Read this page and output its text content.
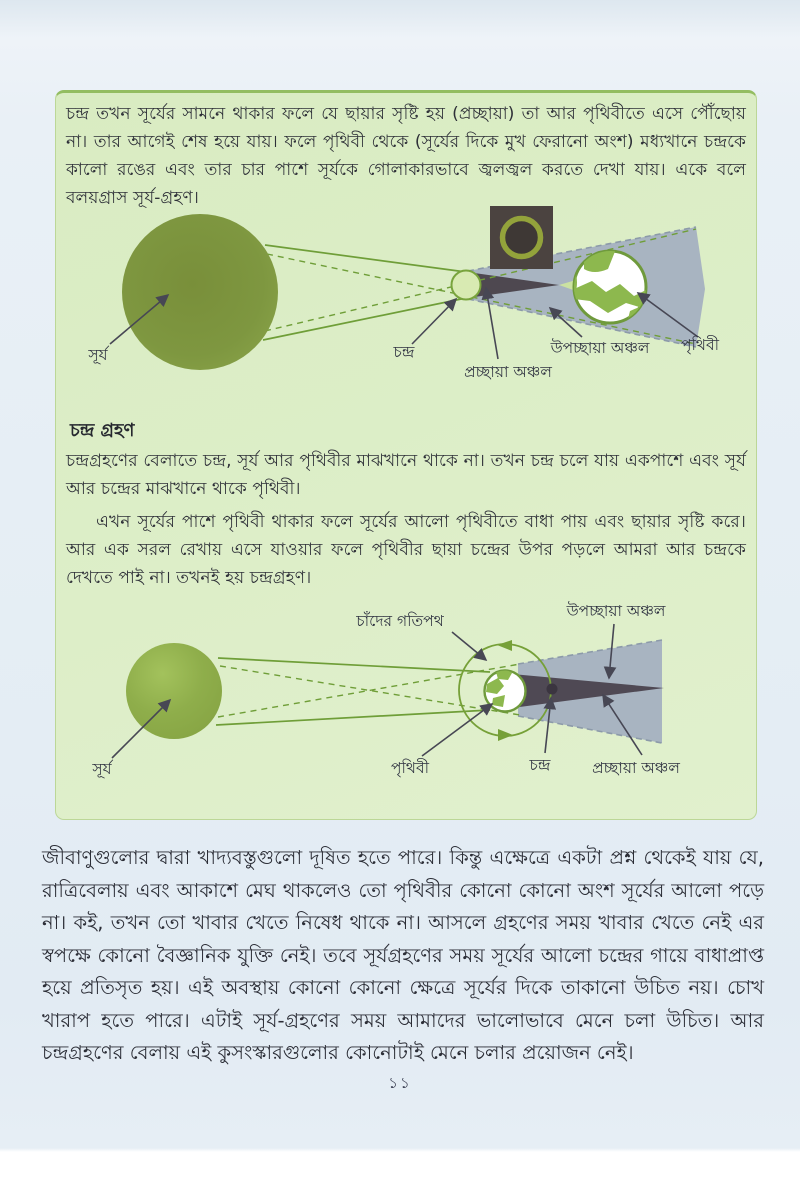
চন্দ্র তখন সূর্যের সামনে থাকার ফলে যে ছায়ার সৃষ্টি হয় (প্রচ্ছায়া) তা আর পৃথিবীতে এসে পৌঁছোয় না। তার আগেই শেষ হয়ে যায়। ফলে পৃথিবী থেকে (সূর্যের দিকে মুখ ফেরানো অংশ) মধ্যখানে চন্দ্রকে কালো রঙের এবং তার চার পাশে সূর্যকে গোলাকারভাবে জ্বলজ্বল করতে দেখা যায়। একে বলে বলয়গ্রাস সূর্য-গ্রহণ।
সূর্য	চন্দ্র
প্রচ্ছায়া অঞ্চল
উপচ্ছায়া অঞ্চল পৃথিবী
চন্দ্র গ্রহণ
চন্দ্রগ্রহণের বেলাতে চন্দ্র, সূর্য আর পৃথিবীর মাঝখানে থাকে না। তখন চন্দ্র চলে যায় একপাশে এবং সূর্য আর চন্দ্রের মাঝখানে থাকে পৃথিবী।
এখন সূর্যের পাশে পৃথিবী থাকার ফলে সূর্যের আলো পৃথিবীতে বাধা পায় এবং ছায়ার সৃষ্টি করে। আর এক সরল রেখায় এসে যাওয়ার ফলে পৃথিবীর ছায়া চন্দ্রের উপর পড়লে আমরা আর চন্দ্রকে দেখতে পাই না। তখনই হয় চন্দ্রগ্রহণ।
চাঁদের গতিপথ
উপচ্ছায়া অঞ্চল
সূর্য	পৃথিবী	চন্দ্র	প্রচ্ছায়া অঞ্চল
জীবাণুগুলোর দ্বারা খাদ্যবস্তুগুলো দূষিত হতে পারে। কিন্তু এক্ষেত্রে একটা প্রশ্ন থেকেই যায় যে, রাত্রিবেলায় এবং আকাশে মেঘ থাকলেও তো পৃথিবীর কোনো কোনো অংশ সূর্যের আলো পড়ে না। কই, তখন তো খাবার খেতে নিষেধ থাকে না। আসলে গ্রহণের সময় খাবার খেতে নেই এর স্বপক্ষে কোনো বৈজ্ঞানিক যুক্তি নেই। তবে সূর্যগ্রহণের সময় সূর্যের আলো চন্দ্রের গায়ে বাধাপ্রাপ্ত হয়ে প্রতিসৃত হয়। এই অবস্থায় কোনো কোনো ক্ষেত্রে সূর্যের দিকে তাকানো উচিত নয়। চোখ খারাপ হতে পারে। এটাই সূর্য-গ্রহণের সময় আমাদের ভালোভাবে মেনে চলা উচিত। আর চন্দ্রগ্রহণের বেলায় এই কুসংস্কারগুলোর কোনোটাই মেনে চলার প্রয়োজন নেই।
১১
